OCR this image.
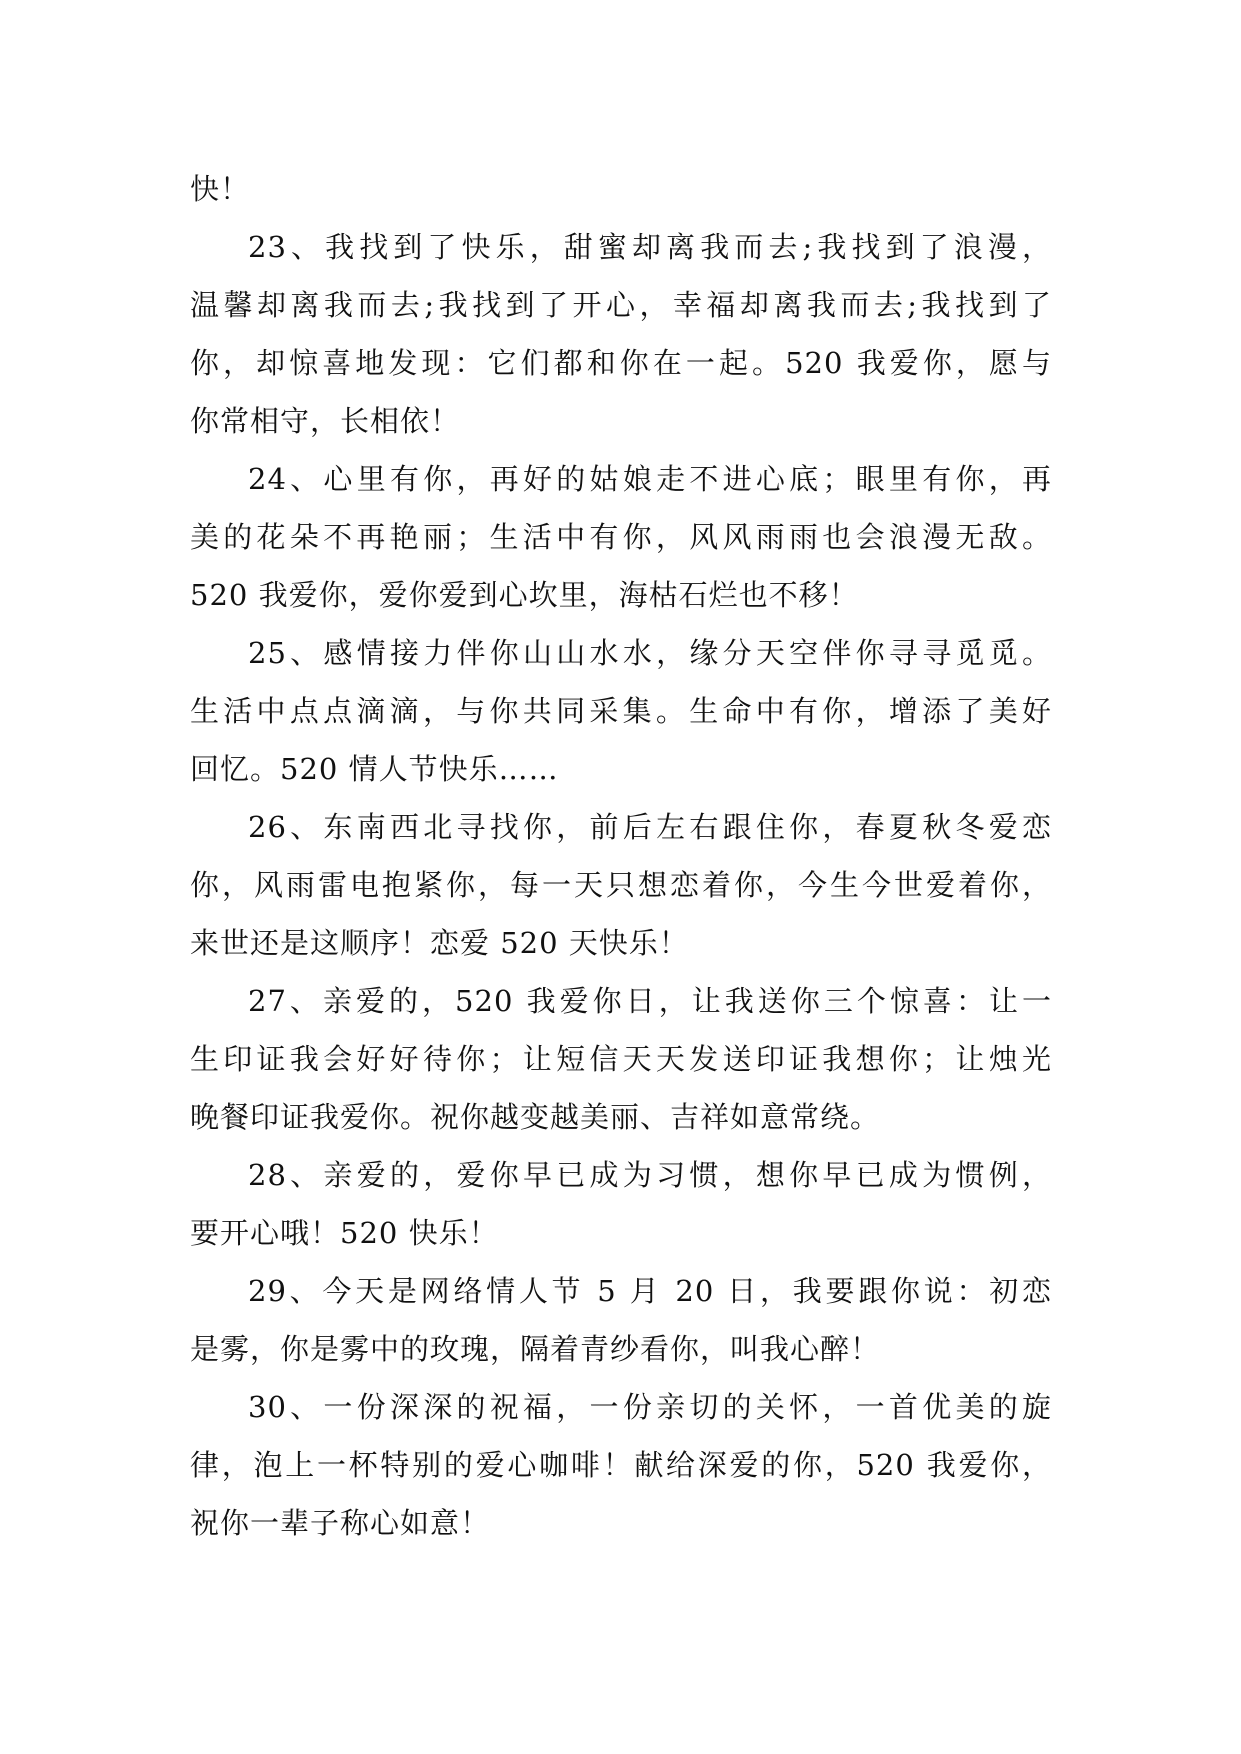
快！
23、我找到了快乐，甜蜜却离我而去;我找到了浪漫，
温馨却离我而去;我找到了开心，幸福却离我而去;我找到了
你，却惊喜地发现：它们都和你在一起。520 我爱你，愿与
你常相守，长相依！
24、心里有你，再好的姑娘走不进心底；眼里有你，再
美的花朵不再艳丽；生活中有你，风风雨雨也会浪漫无敌。
520 我爱你，爱你爱到心坎里，海枯石烂也不移！
25、感情接力伴你山山水水，缘分天空伴你寻寻觅觅。
生活中点点滴滴，与你共同采集。生命中有你，增添了美好
回忆。520 情人节快乐……
26、东南西北寻找你，前后左右跟住你，春夏秋冬爱恋
你，风雨雷电抱紧你，每一天只想恋着你，今生今世爱着你，
来世还是这顺序！恋爱 520 天快乐！
27、亲爱的，520 我爱你日，让我送你三个惊喜：让一
生印证我会好好待你；让短信天天发送印证我想你；让烛光
晚餐印证我爱你。祝你越变越美丽、吉祥如意常绕。
28、亲爱的，爱你早已成为习惯，想你早已成为惯例，
要开心哦！520 快乐！
29、今天是网络情人节 5 月 20 日，我要跟你说：初恋
是雾，你是雾中的玫瑰，隔着青纱看你，叫我心醉！
30、一份深深的祝福，一份亲切的关怀，一首优美的旋
律，泡上一杯特别的爱心咖啡！献给深爱的你，520 我爱你，
祝你一辈子称心如意！
